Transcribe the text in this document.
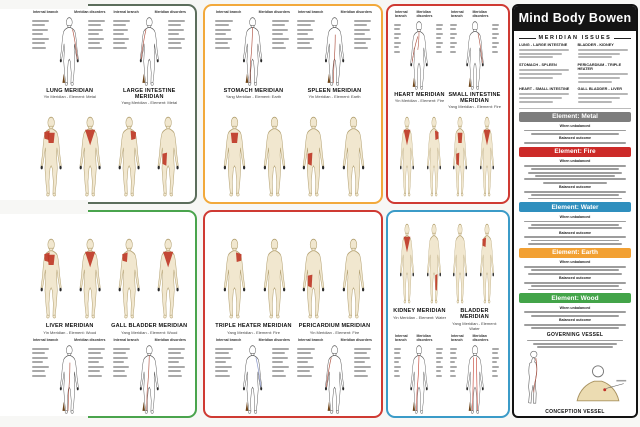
Internal branch	Meridian disorders Internal branch	Meridian disorders
LUNG MERIDIAN
Yin Meridian - Element: Metal
LARGE INTESTINE MERIDIAN
Yang Meridian - Element: Metal
Internal branch	Meridian disorders Internal branch	Meridian disorders
STOMACH MERIDIAN
Yang Meridian - Element: Earth
SPLEEN MERIDIAN
Yin Meridian - Element: Earth
Internal branch
Meridian disorders
Internal branch
Meridian disorders
HEART MERIDIAN
Yin Meridian - Element: Fire
SMALL INTESTINE MERIDIAN
Yang Meridian - Element: Fire
LIVER MERIDIAN
Yin Meridian - Element: Wood
GALL BLADDER MERIDIAN
Yang Meridian - Element: Wood
Internal branch	Meridian disorders Internal branch	Meridian disorders
TRIPLE HEATER MERIDIAN
Yang Meridian - Element: Fire
PERICARDIUM MERIDIAN
Yin Meridian - Element: Fire
Internal branch	Meridian disorders Internal branch	Meridian disorders
KIDNEY MERIDIAN
Yin Meridian - Element: Water
BLADDER MERIDIAN
Yang Meridian - Element: Water
Internal branch
Meridian disorders
Internal branch
Meridian disorders
Mind Body Bowen
MERIDIAN ISSUES
LUNG - LARGE INTESTINE	BLADDER - KIDNEY
STOMACH - SPLEEN	PERICARDIUM - TRIPLE HEATER
HEART - SMALL INTESTINE	GALL BLADDER - LIVER
Element: Metal
When unbalanced
Balanced outcome
Element: Fire
When unbalanced
Balanced outcome
Element: Water
When unbalanced
Balanced outcome
Element: Earth
When unbalanced
Balanced outcome
Element: Wood
When unbalanced
Balanced outcome
GOVERNING VESSEL
CONCEPTION VESSEL
